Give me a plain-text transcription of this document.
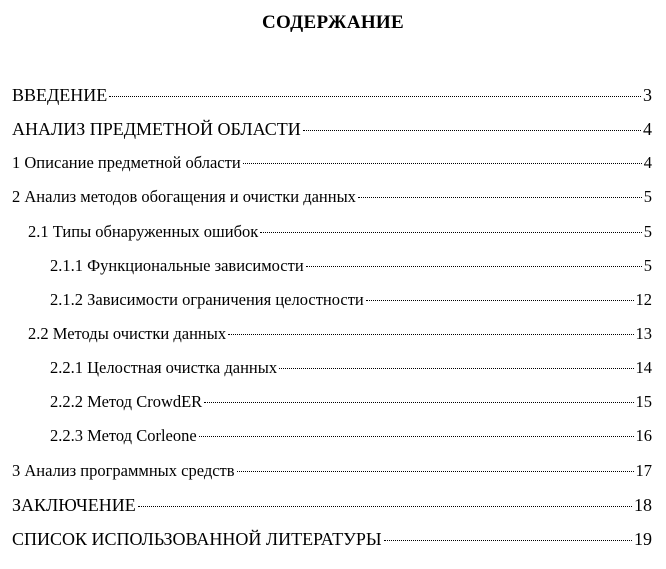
СОДЕРЖАНИЕ
ВВЕДЕНИЕ	3
АНАЛИЗ ПРЕДМЕТНОЙ ОБЛАСТИ	4
1 Описание предметной области	4
2 Анализ методов обогащения и очистки данных	5
2.1 Типы обнаруженных ошибок	5
2.1.1 Функциональные зависимости	5
2.1.2 Зависимости ограничения целостности	12
2.2 Методы очистки данных	13
2.2.1 Целостная очистка данных	14
2.2.2 Метод CrowdER	15
2.2.3 Метод Corleone	16
3 Анализ программных средств	17
ЗАКЛЮЧЕНИЕ	18
СПИСОК ИСПОЛЬЗОВАННОЙ ЛИТЕРАТУРЫ	19
